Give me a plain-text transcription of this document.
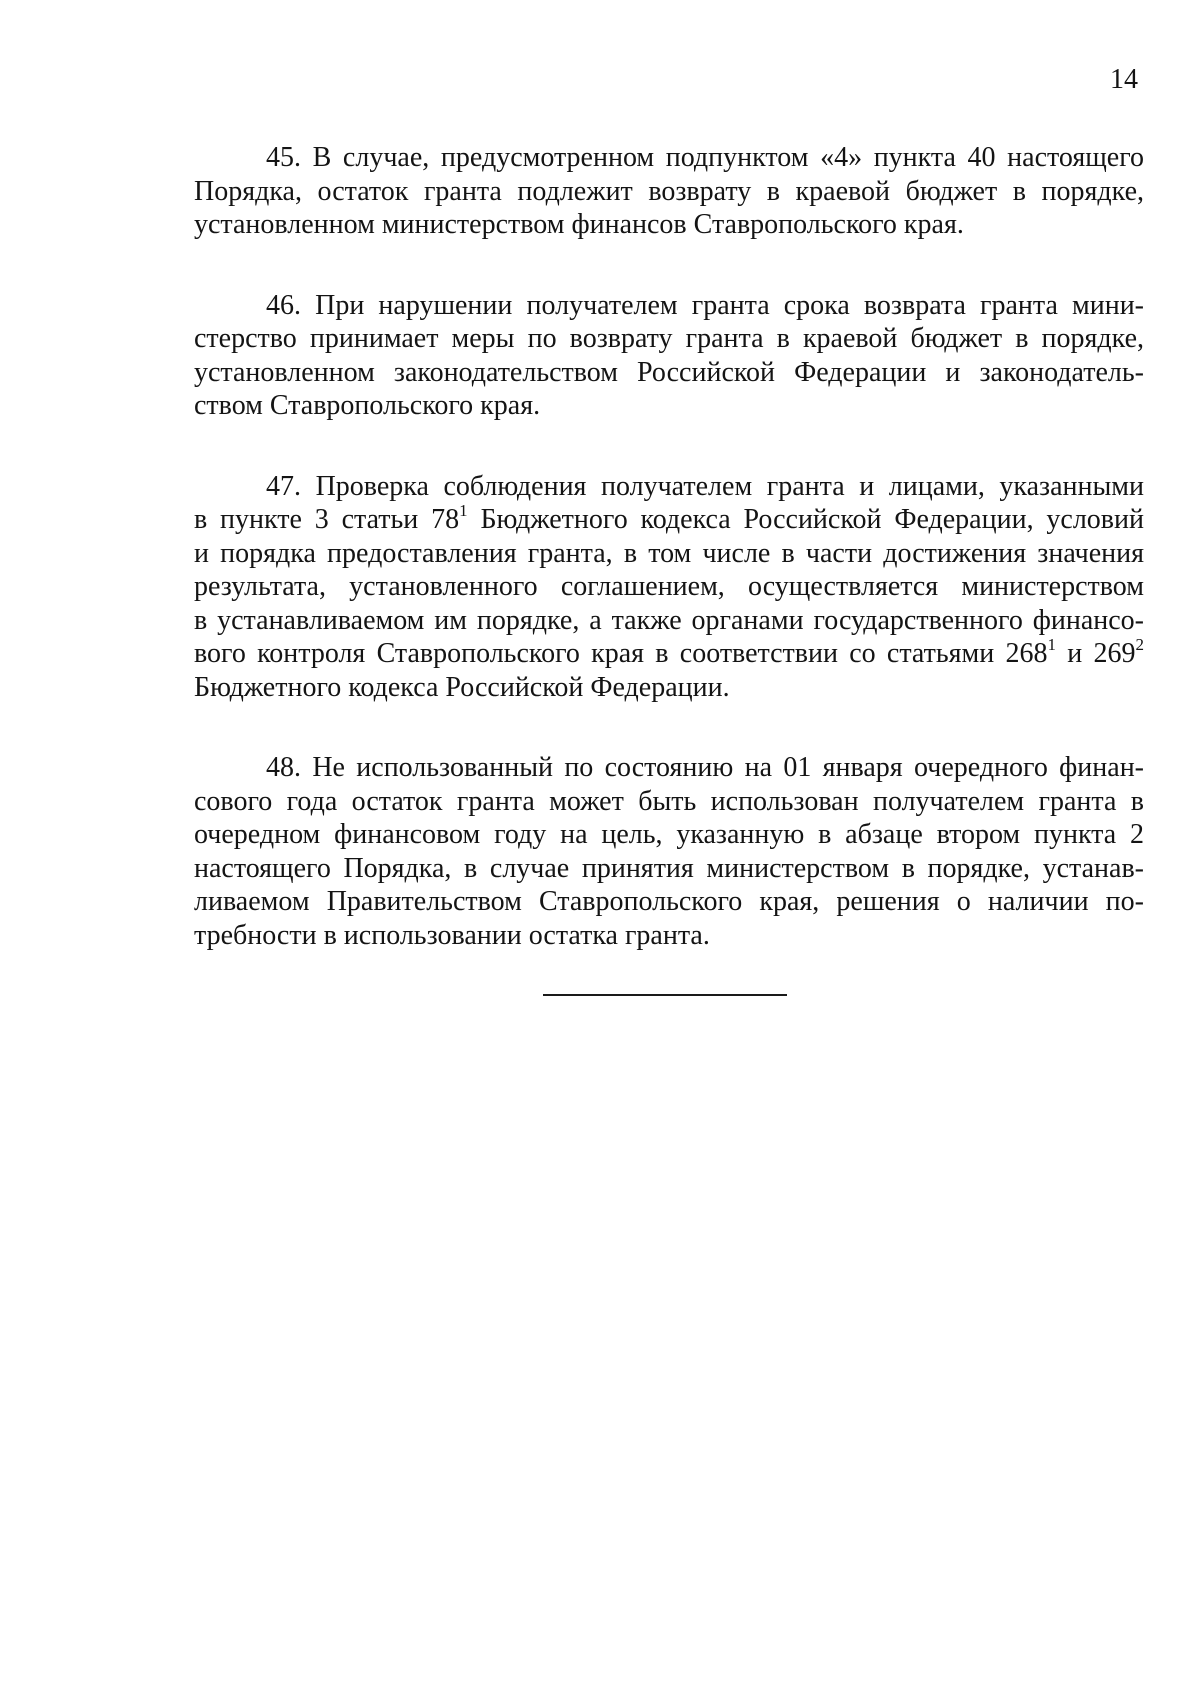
14

45. В случае, предусмотренном подпунктом «4» пункта 40 настоящего
Порядка, остаток гранта подлежит возврату в краевой бюджет в порядке,
установленном министерством финансов Ставропольского края.

46. При нарушении получателем гранта срока возврата гранта мини-
стерство принимает меры по возврату гранта в краевой бюджет в порядке,
установленном законодательством Российской Федерации и законодатель-
ством Ставропольского края.

47. Проверка соблюдения получателем гранта и лицами, указанными
в пункте 3 статьи $78^1$ Бюджетного кодекса Российской Федерации, условий
и порядка предоставления гранта, в том числе в части достижения значения
результата, установленного соглашением, осуществляется министерством
в устанавливаемом им порядке, а также органами государственного финансо-
вого контроля Ставропольского края в соответствии со статьями $268^1$ и $269^2$
Бюджетного кодекса Российской Федерации.

48. Не использованный по состоянию на 01 января очередного финан-
сового года остаток гранта может быть использован получателем гранта в
очередном финансовом году на цель, указанную в абзаце втором пункта 2
настоящего Порядка, в случае принятия министерством в порядке, устанав-
ливаемом Правительством Ставропольского края, решения о наличии по-
требности в использовании остатка гранта.
